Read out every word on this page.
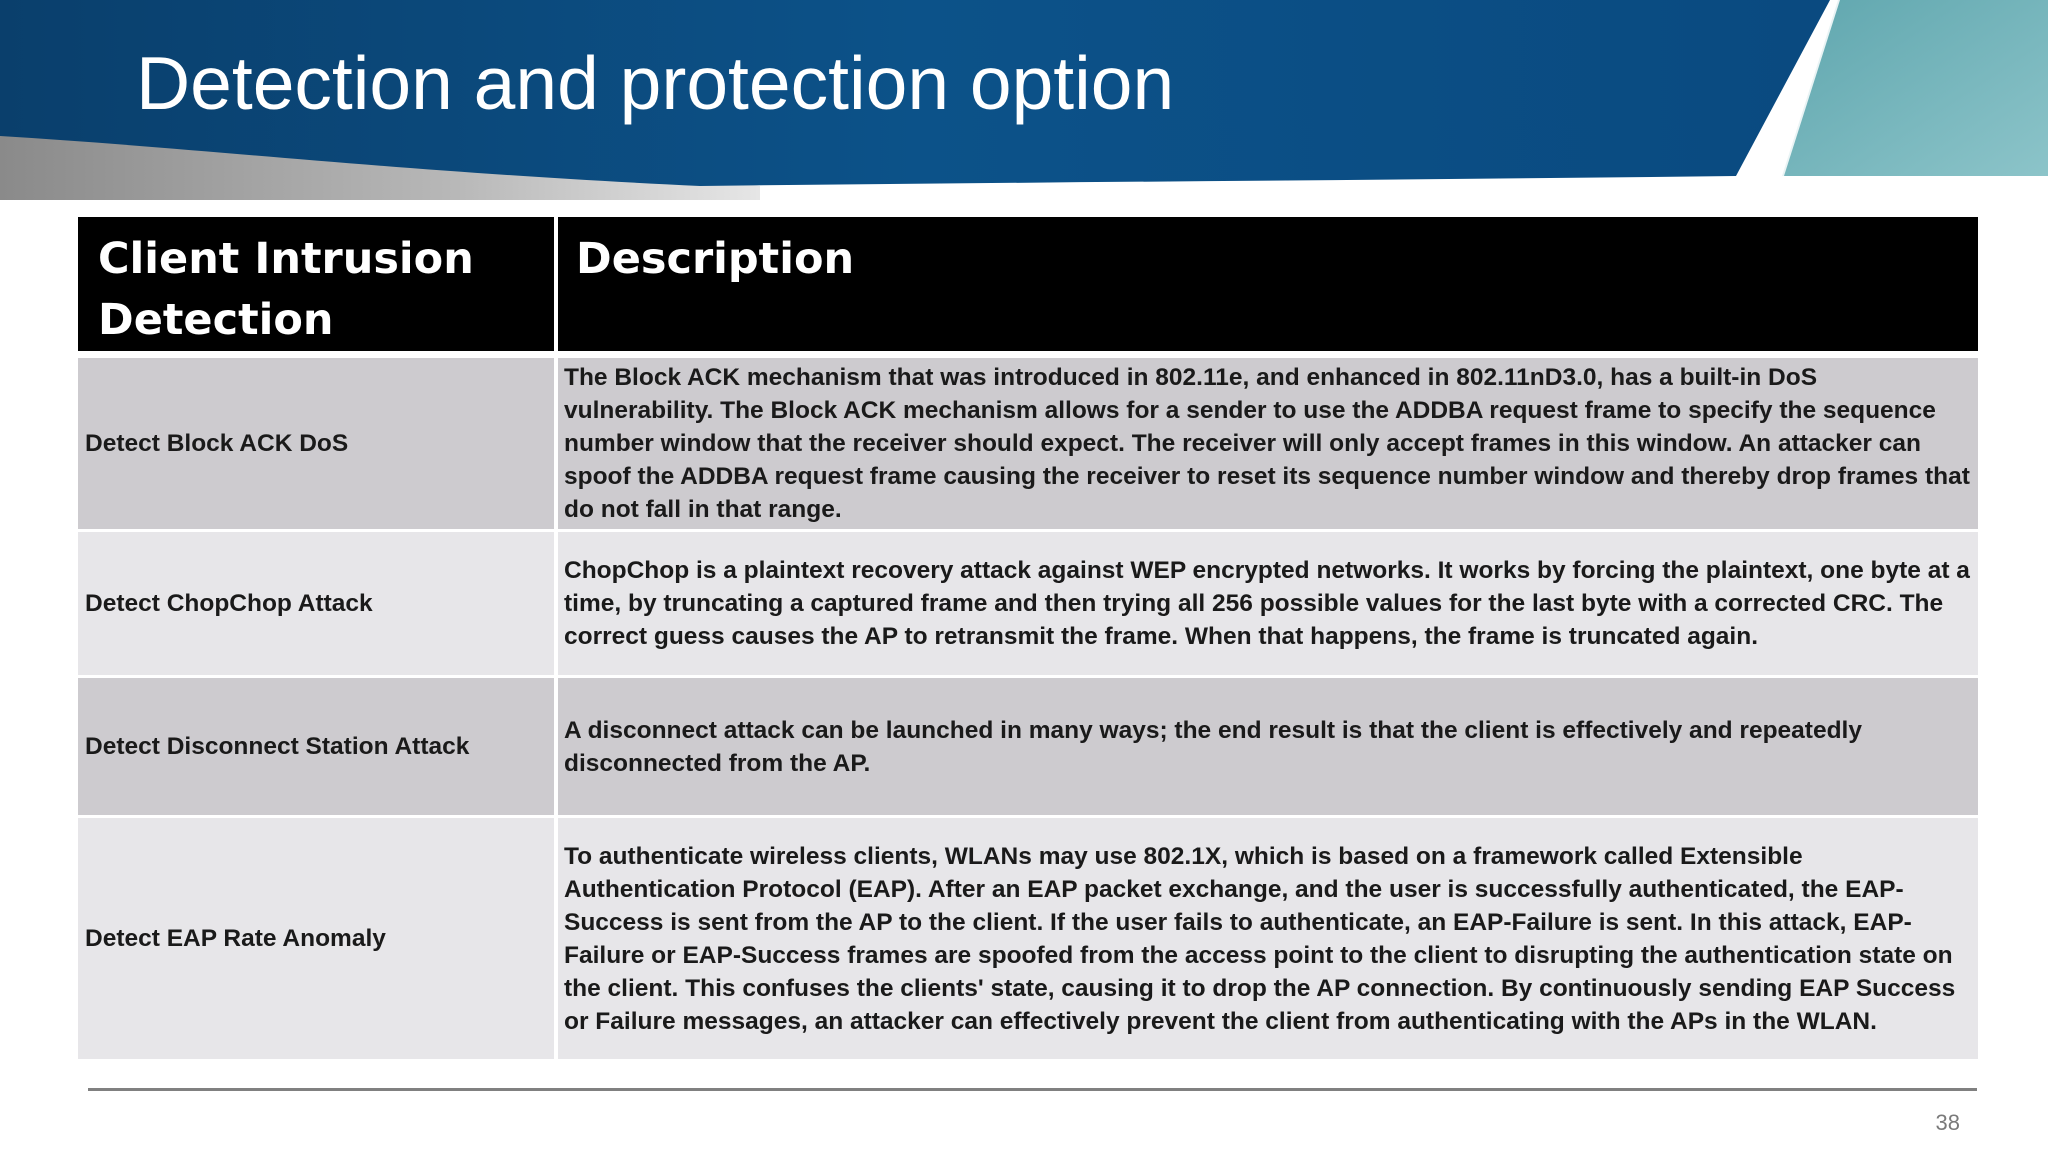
Detection and protection option
Client Intrusion Detection	Description
Detect Block ACK DoS	The Block ACK mechanism that was introduced in 802.11e, and enhanced in 802.11nD3.0, has a built-in DoS vulnerability. The Block ACK mechanism allows for a sender to use the ADDBA request frame to specify the sequence number window that the receiver should expect. The receiver will only accept frames in this window. An attacker can spoof the ADDBA request frame causing the receiver to reset its sequence number window and thereby drop frames that do not fall in that range.
Detect ChopChop Attack	ChopChop is a plaintext recovery attack against WEP encrypted networks. It works by forcing the plaintext, one byte at a time, by truncating a captured frame and then trying all 256 possible values for the last byte with a corrected CRC. The correct guess causes the AP to retransmit the frame. When that happens, the frame is truncated again.
Detect Disconnect Station Attack	A disconnect attack can be launched in many ways; the end result is that the client is effectively and repeatedly disconnected from the AP.
Detect EAP Rate Anomaly	To authenticate wireless clients, WLANs may use 802.1X, which is based on a framework called Extensible Authentication Protocol (EAP). After an EAP packet exchange, and the user is successfully authenticated, the EAP-Success is sent from the AP to the client. If the user fails to authenticate, an EAP-Failure is sent. In this attack, EAP-Failure or EAP-Success frames are spoofed from the access point to the client to disrupting the authentication state on the client. This confuses the clients' state, causing it to drop the AP connection. By continuously sending EAP Success or Failure messages, an attacker can effectively prevent the client from authenticating with the APs in the WLAN.
38
